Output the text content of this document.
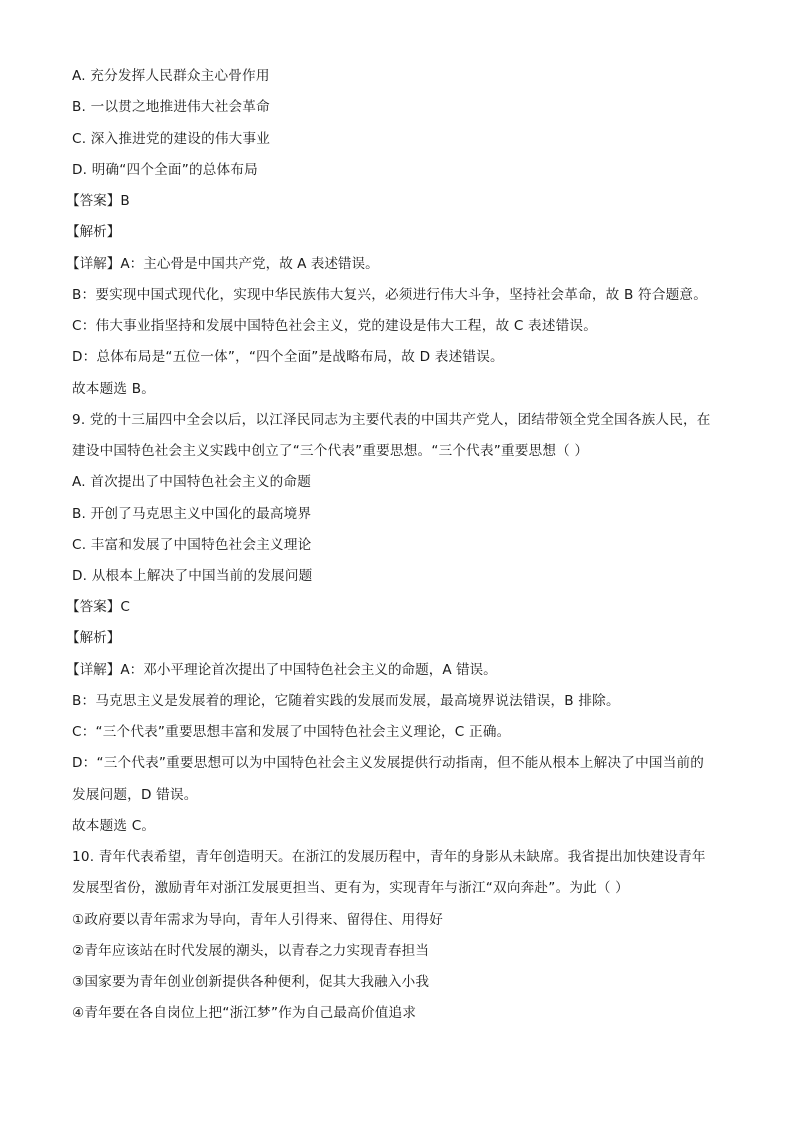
A. 充分发挥人民群众主心骨作用
B. 一以贯之地推进伟大社会革命
C. 深入推进党的建设的伟大事业
D. 明确“四个全面”的总体布局
【答案】B
【解析】
【详解】A：主心骨是中国共产党，故 A 表述错误。
B：要实现中国式现代化，实现中华民族伟大复兴，必须进行伟大斗争，坚持社会革命，故 B 符合题意。
C：伟大事业指坚持和发展中国特色社会主义，党的建设是伟大工程，故 C 表述错误。
D：总体布局是“五位一体”，“四个全面”是战略布局，故 D 表述错误。
故本题选 B。
9. 党的十三届四中全会以后，以江泽民同志为主要代表的中国共产党人，团结带领全党全国各族人民，在
建设中国特色社会主义实践中创立了“三个代表”重要思想。“三个代表”重要思想（ ）
A. 首次提出了中国特色社会主义的命题
B. 开创了马克思主义中国化的最高境界
C. 丰富和发展了中国特色社会主义理论
D. 从根本上解决了中国当前的发展问题
【答案】C
【解析】
【详解】A：邓小平理论首次提出了中国特色社会主义的命题，A 错误。
B：马克思主义是发展着的理论，它随着实践的发展而发展，最高境界说法错误，B 排除。
C：“三个代表”重要思想丰富和发展了中国特色社会主义理论，C 正确。
D：“三个代表”重要思想可以为中国特色社会主义发展提供行动指南，但不能从根本上解决了中国当前的
发展问题，D 错误。
故本题选 C。
10. 青年代表希望，青年创造明天。在浙江的发展历程中，青年的身影从未缺席。我省提出加快建设青年
发展型省份，激励青年对浙江发展更担当、更有为，实现青年与浙江“双向奔赴”。为此（ ）
①政府要以青年需求为导向，青年人引得来、留得住、用得好
②青年应该站在时代发展的潮头，以青春之力实现青春担当
③国家要为青年创业创新提供各种便利，促其大我融入小我
④青年要在各自岗位上把“浙江梦”作为自己最高价值追求
